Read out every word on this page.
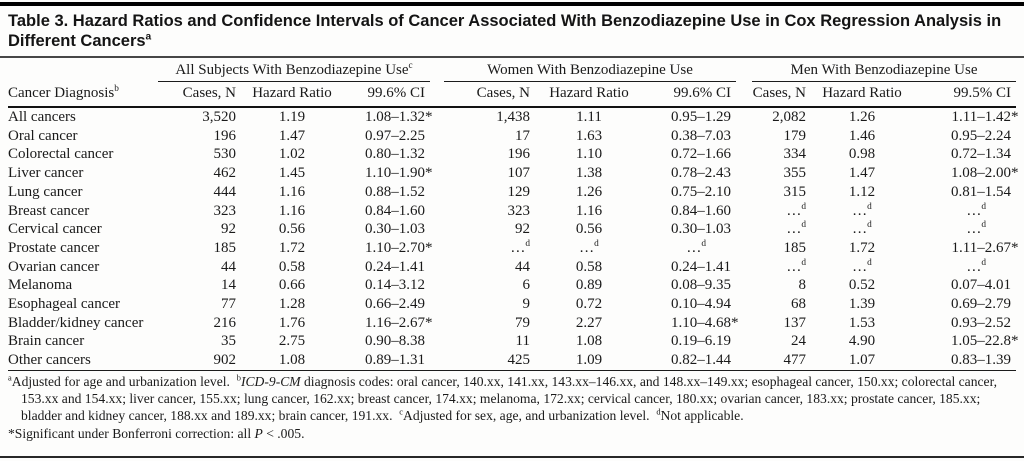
Table 3. Hazard Ratios and Confidence Intervals of Cancer Associated With Benzodiazepine Use in Cox Regression Analysis in
Different Cancers$^a$
	All Subjects With Benzodiazepine Use$^c$				Women With Benzodiazepine Use				Men With Benzodiazepine Use		
Cancer Diagnosis$^b$	Cases, N	Hazard Ratio	99.6% CI		Cases, N	Hazard Ratio	99.6% CI		Cases, N	Hazard Ratio	99.5% CI
All cancers	3,520	1.19	1.08–1.32*		1,438	1.11	0.95–1.29		2,082	1.26	1.11–1.42*
Oral cancer	196	1.47	0.97–2.25		17	1.63	0.38–7.03		179	1.46	0.95–2.24
Colorectal cancer	530	1.02	0.80–1.32		196	1.10	0.72–1.66		334	0.98	0.72–1.34
Liver cancer	462	1.45	1.10–1.90*		107	1.38	0.78–2.43		355	1.47	1.08–2.00*
Lung cancer	444	1.16	0.88–1.52		129	1.26	0.75–2.10		315	1.12	0.81–1.54
Breast cancer	323	1.16	0.84–1.60		323	1.16	0.84–1.60		…$^d$	…$^d$	…$^d$
Cervical cancer	92	0.56	0.30–1.03		92	0.56	0.30–1.03		…$^d$	…$^d$	…$^d$
Prostate cancer	185	1.72	1.10–2.70*		…$^d$	…$^d$	…$^d$		185	1.72	1.11–2.67*
Ovarian cancer	44	0.58	0.24–1.41		44	0.58	0.24–1.41		…$^d$	…$^d$	…$^d$
Melanoma	14	0.66	0.14–3.12		6	0.89	0.08–9.35		8	0.52	0.07–4.01
Esophageal cancer	77	1.28	0.66–2.49		9	0.72	0.10–4.94		68	1.39	0.69–2.79
Bladder/kidney cancer	216	1.76	1.16–2.67*		79	2.27	1.10–4.68*		137	1.53	0.93–2.52
Brain cancer	35	2.75	0.90–8.38		11	1.08	0.19–6.19		24	4.90	1.05–22.8*
Other cancers	902	1.08	0.89–1.31		425	1.09	0.82–1.44		477	1.07	0.83–1.39

$^a$Adjusted for age and urbanization level. $^b$ICD-9-CM diagnosis codes: oral cancer, 140.xx, 141.xx, 143.xx–146.xx, and 148.xx–149.xx; esophageal cancer, 150.xx; colorectal cancer, 153.xx and 154.xx; liver cancer, 155.xx; lung cancer, 162.xx; breast cancer, 174.xx; melanoma, 172.xx; cervical cancer, 180.xx; ovarian cancer, 183.xx; prostate cancer, 185.xx; bladder and kidney cancer, 188.xx and 189.xx; brain cancer, 191.xx. $^c$Adjusted for sex, age, and urbanization level. $^d$Not applicable.

*Significant under Bonferroni correction: all P < .005.
